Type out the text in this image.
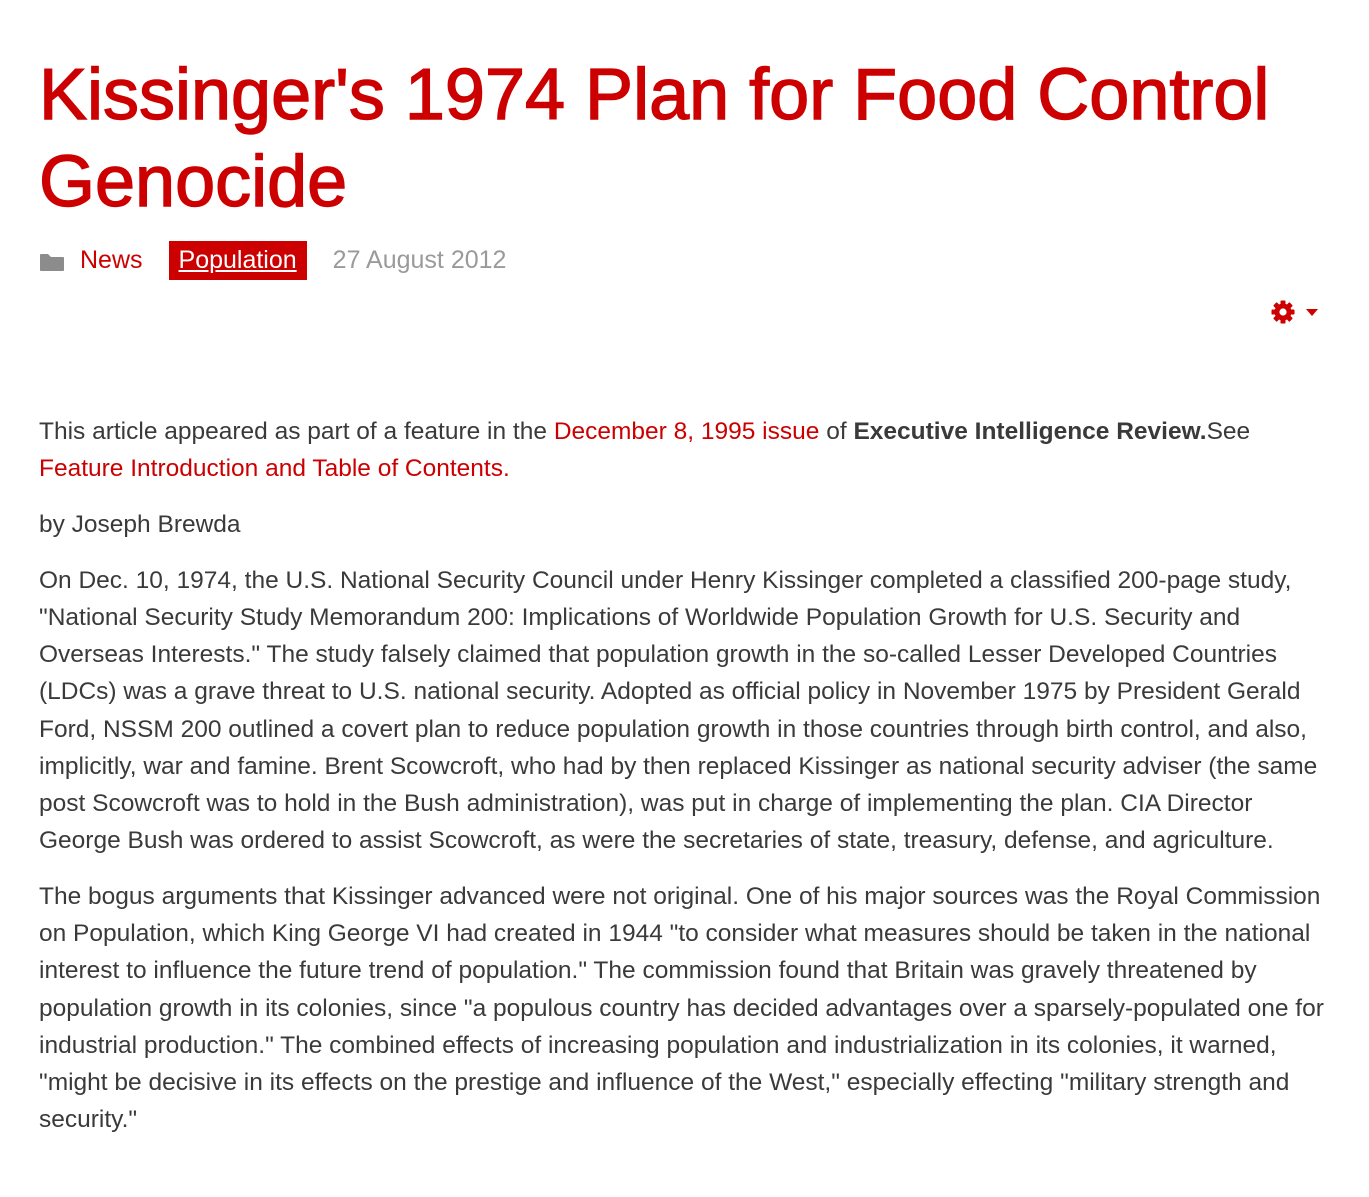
Kissinger's 1974 Plan for Food Control Genocide
News	Population	27 August 2012

This article appeared as part of a feature in the December 8, 1995 issue of Executive Intelligence Review.See
Feature Introduction and Table of Contents.

by Joseph Brewda

On Dec. 10, 1974, the U.S. National Security Council under Henry Kissinger completed a classified 200-page study, "National Security Study Memorandum 200: Implications of Worldwide Population Growth for U.S. Security and Overseas Interests." The study falsely claimed that population growth in the so-called Lesser Developed Countries (LDCs) was a grave threat to U.S. national security. Adopted as official policy in November 1975 by President Gerald Ford, NSSM 200 outlined a covert plan to reduce population growth in those countries through birth control, and also, implicitly, war and famine. Brent Scowcroft, who had by then replaced Kissinger as national security adviser (the same post Scowcroft was to hold in the Bush administration), was put in charge of implementing the plan. CIA Director George Bush was ordered to assist Scowcroft, as were the secretaries of state, treasury, defense, and agriculture.

The bogus arguments that Kissinger advanced were not original. One of his major sources was the Royal Commission on Population, which King George VI had created in 1944 "to consider what measures should be taken in the national interest to influence the future trend of population." The commission found that Britain was gravely threatened by population growth in its colonies, since "a populous country has decided advantages over a sparsely-populated one for industrial production." The combined effects of increasing population and industrialization in its colonies, it warned, "might be decisive in its effects on the prestige and influence of the West," especially effecting "military strength and security."
